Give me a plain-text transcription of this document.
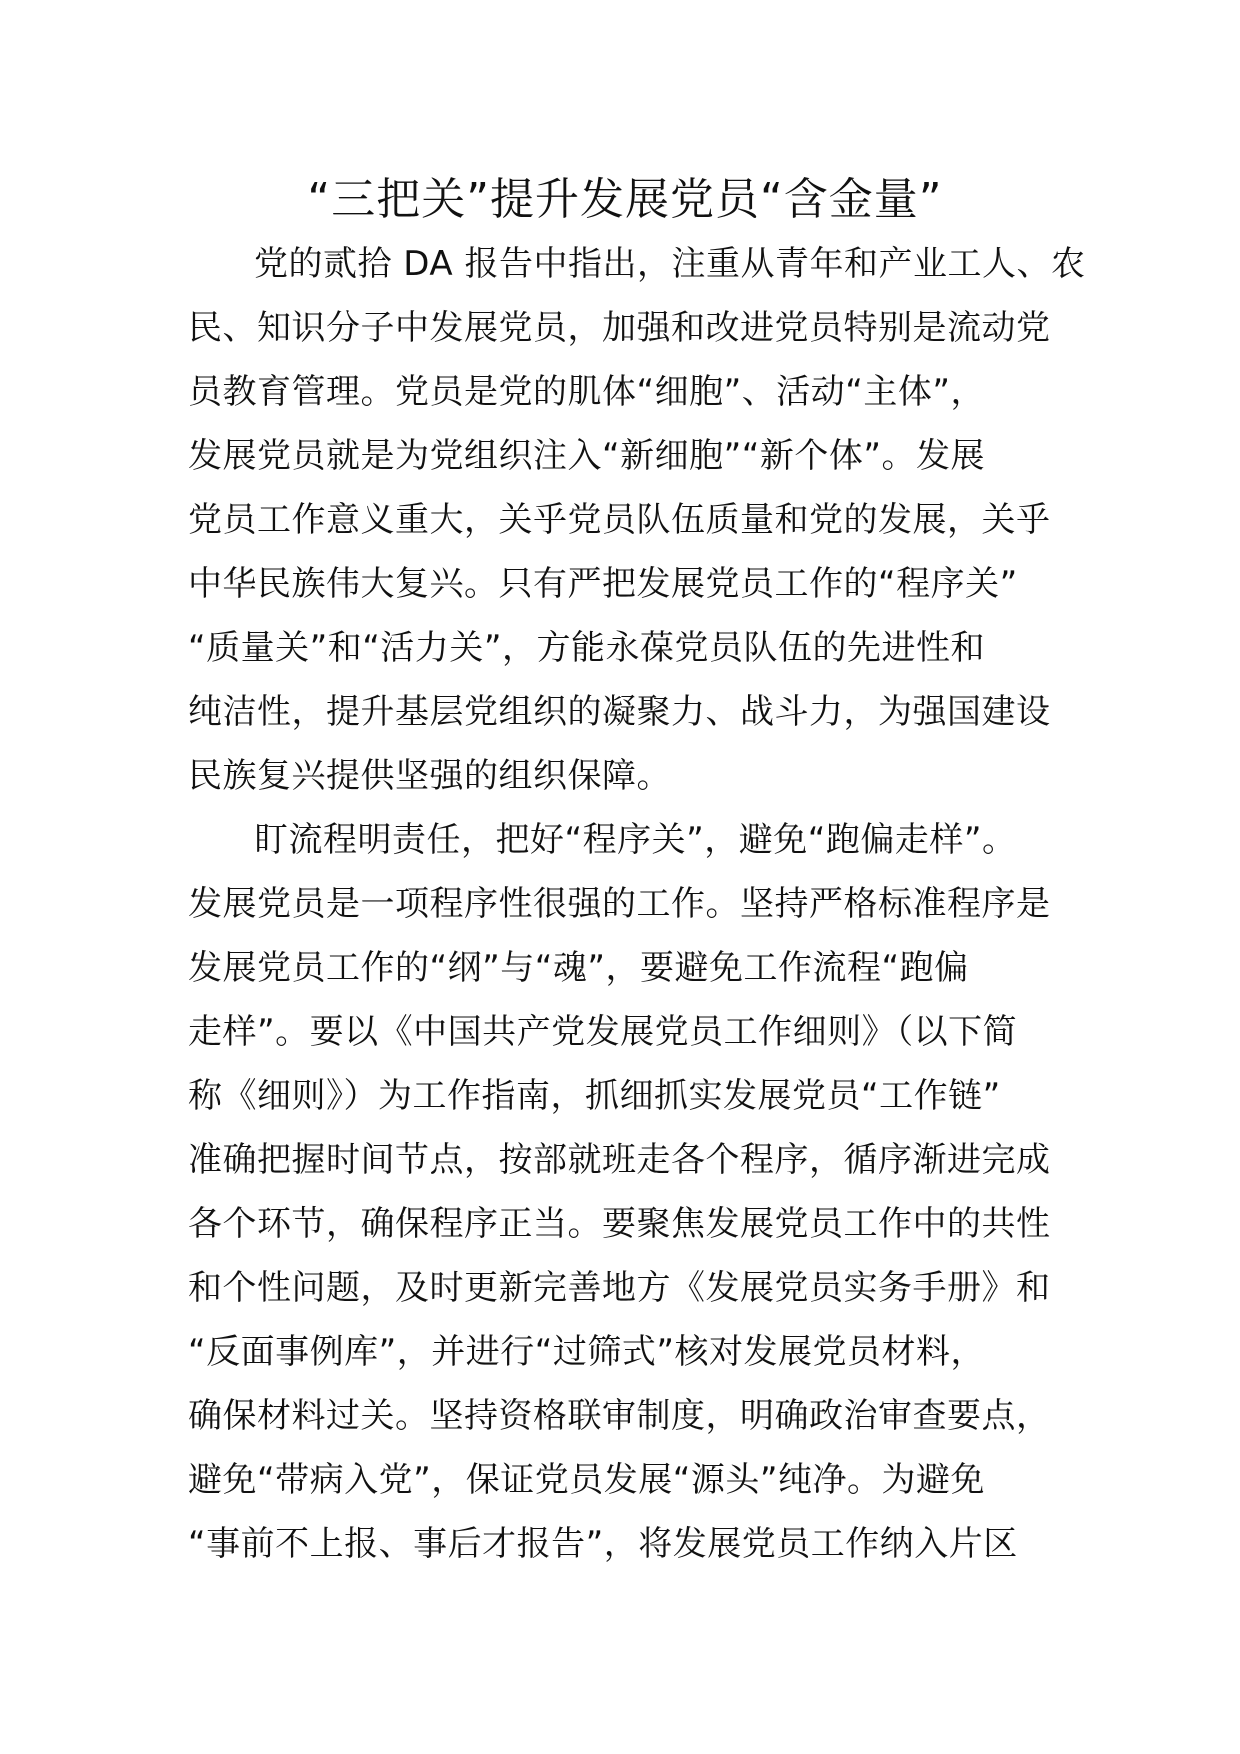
“三把关”提升发展党员“含金量”
党的贰拾 DA 报告中指出，注重从青年和产业工人、农
民、知识分子中发展党员，加强和改进党员特别是流动党
员教育管理。党员是党的肌体“细胞”、活动“主体”，
发展党员就是为党组织注入“新细胞”“新个体”。发展
党员工作意义重大，关乎党员队伍质量和党的发展，关乎
中华民族伟大复兴。只有严把发展党员工作的“程序关”
“质量关”和“活力关”，方能永葆党员队伍的先进性和
纯洁性，提升基层党组织的凝聚力、战斗力，为强国建设
民族复兴提供坚强的组织保障。
盯流程明责任，把好“程序关”，避免“跑偏走样”。
发展党员是一项程序性很强的工作。坚持严格标准程序是
发展党员工作的“纲”与“魂”，要避免工作流程“跑偏
走样”。要以《中国共产党发展党员工作细则》（以下简
称《细则》）为工作指南，抓细抓实发展党员“工作链”
准确把握时间节点，按部就班走各个程序，循序渐进完成
各个环节，确保程序正当。要聚焦发展党员工作中的共性
和个性问题，及时更新完善地方《发展党员实务手册》和
“反面事例库”，并进行“过筛式”核对发展党员材料，
确保材料过关。坚持资格联审制度，明确政治审查要点，
避免“带病入党”，保证党员发展“源头”纯净。为避免
“事前不上报、事后才报告”，将发展党员工作纳入片区
